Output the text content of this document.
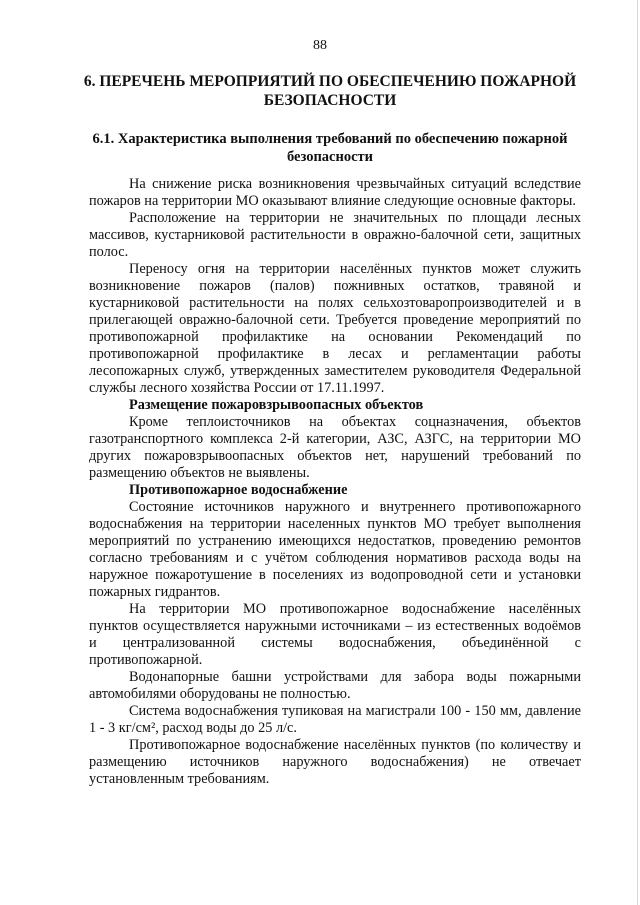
88
6. ПЕРЕЧЕНЬ МЕРОПРИЯТИЙ ПО ОБЕСПЕЧЕНИЮ ПОЖАРНОЙ БЕЗОПАСНОСТИ
6.1. Характеристика выполнения требований по обеспечению пожарной безопасности

На снижение риска возникновения чрезвычайных ситуаций вследствие пожаров на территории МО оказывают влияние следующие основные факторы.

Расположение на территории не значительных по площади лесных массивов, кустарниковой растительности в овражно-балочной сети, защитных полос.

Переносу огня на территории населённых пунктов может служить возникновение пожаров (палов) пожнивных остатков, травяной и кустарниковой растительности на полях сельхозтоваропроизводителей и в прилегающей овражно-балочной сети. Требуется проведение мероприятий по противопожарной профилактике на основании Рекомендаций по противопожарной профилактике в лесах и регламентации работы лесопожарных служб, утвержденных заместителем руководителя Федеральной службы лесного хозяйства России от 17.11.1997.

Размещение пожаровзрывоопасных объектов

Кроме теплоисточников на объектах соцназначения, объектов газотранспортного комплекса 2-й категории, АЗС, АЗГС, на территории МО других пожаровзрывоопасных объектов нет, нарушений требований по размещению объектов не выявлены.

Противопожарное водоснабжение

Состояние источников наружного и внутреннего противопожарного водоснабжения на территории населенных пунктов МО требует выполнения мероприятий по устранению имеющихся недостатков, проведению ремонтов согласно требованиям и с учётом соблюдения нормативов расхода воды на наружное пожаротушение в поселениях из водопроводной сети и установки пожарных гидрантов.

На территории МО противопожарное водоснабжение населённых пунктов осуществляется наружными источниками – из естественных водоёмов и централизованной системы водоснабжения, объединённой с противопожарной.

Водонапорные башни устройствами для забора воды пожарными автомобилями оборудованы не полностью.

Система водоснабжения тупиковая на магистрали 100 - 150 мм, давление 1 - 3 кг/см², расход воды до 25 л/с.

Противопожарное водоснабжение населённых пунктов (по количеству и размещению источников наружного водоснабжения) не отвечает установленным требованиям.
